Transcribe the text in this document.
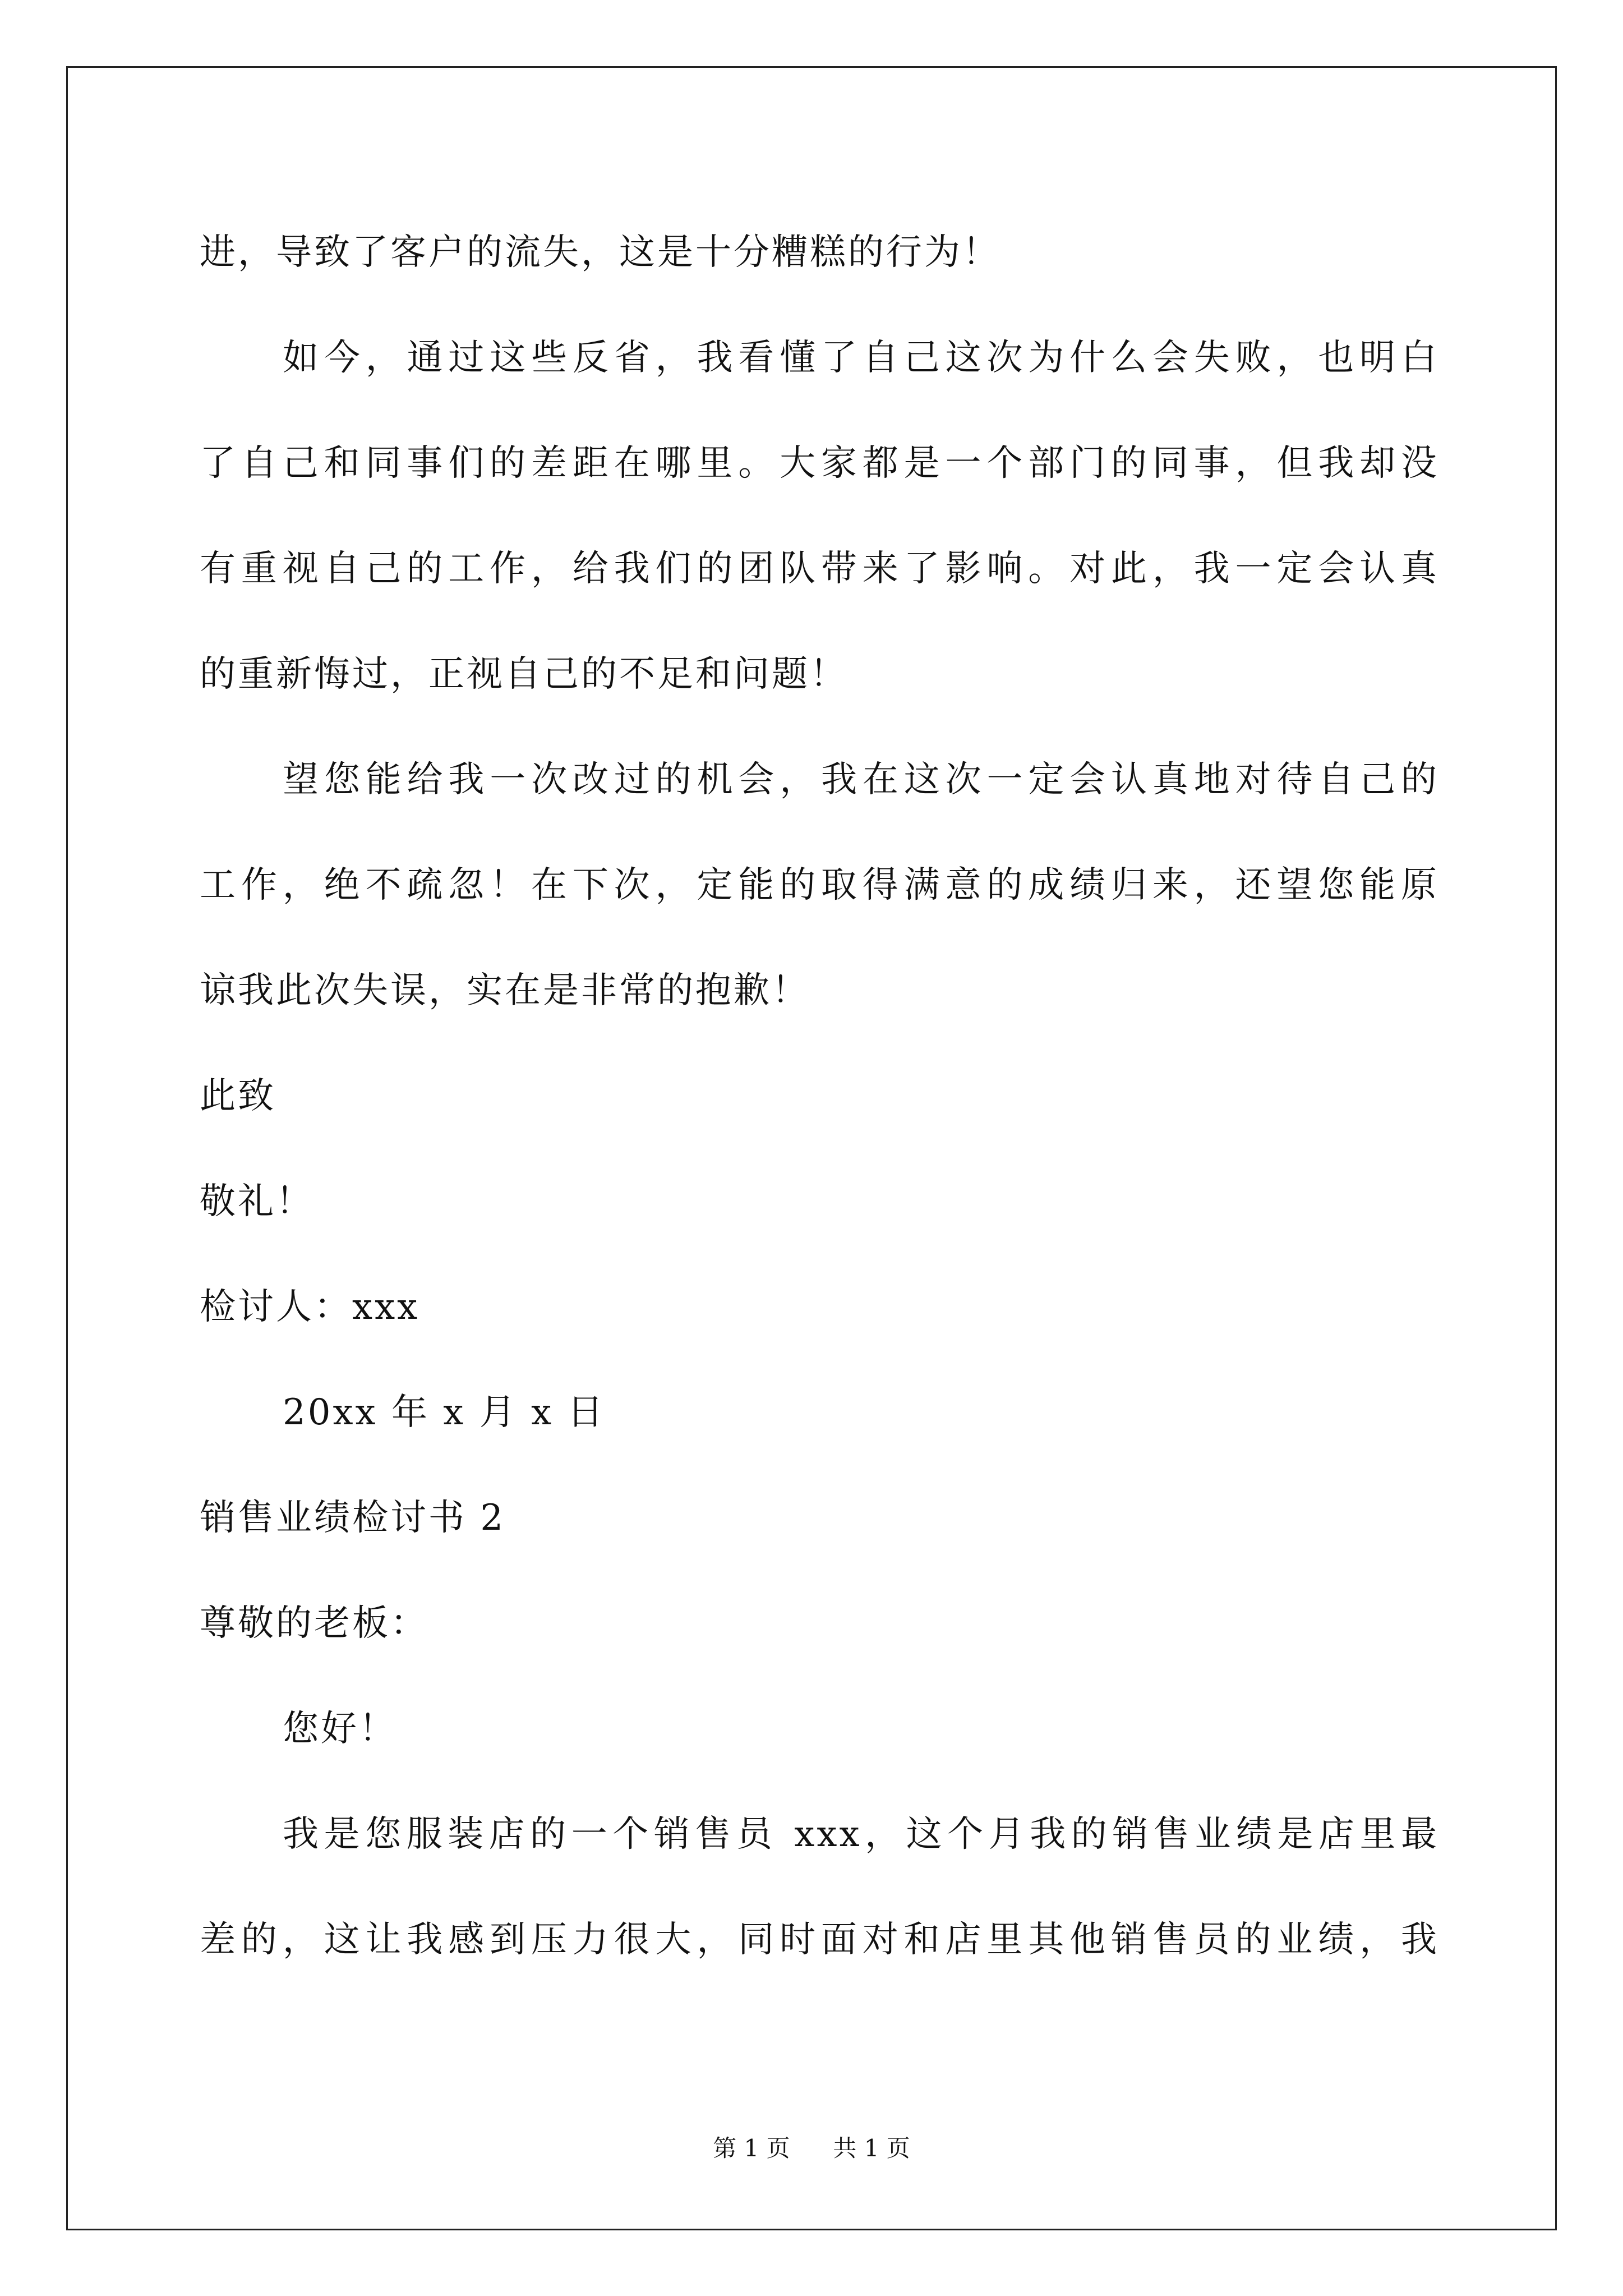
进，导致了客户的流失，这是十分糟糕的行为！
如今，通过这些反省，我看懂了自己这次为什么会失败，也明白
了自己和同事们的差距在哪里。大家都是一个部门的同事，但我却没
有重视自己的工作，给我们的团队带来了影响。对此，我一定会认真
的重新悔过，正视自己的不足和问题！
望您能给我一次改过的机会，我在这次一定会认真地对待自己的
工作，绝不疏忽！在下次，定能的取得满意的成绩归来，还望您能原
谅我此次失误，实在是非常的抱歉！
此致
敬礼！
检讨人：xxx
20xx 年 x 月 x 日
销售业绩检讨书 2
尊敬的老板：
您好！
我是您服装店的一个销售员 xxx，这个月我的销售业绩是店里最
差的，这让我感到压力很大，同时面对和店里其他销售员的业绩，我
第 1 页 共 1 页
